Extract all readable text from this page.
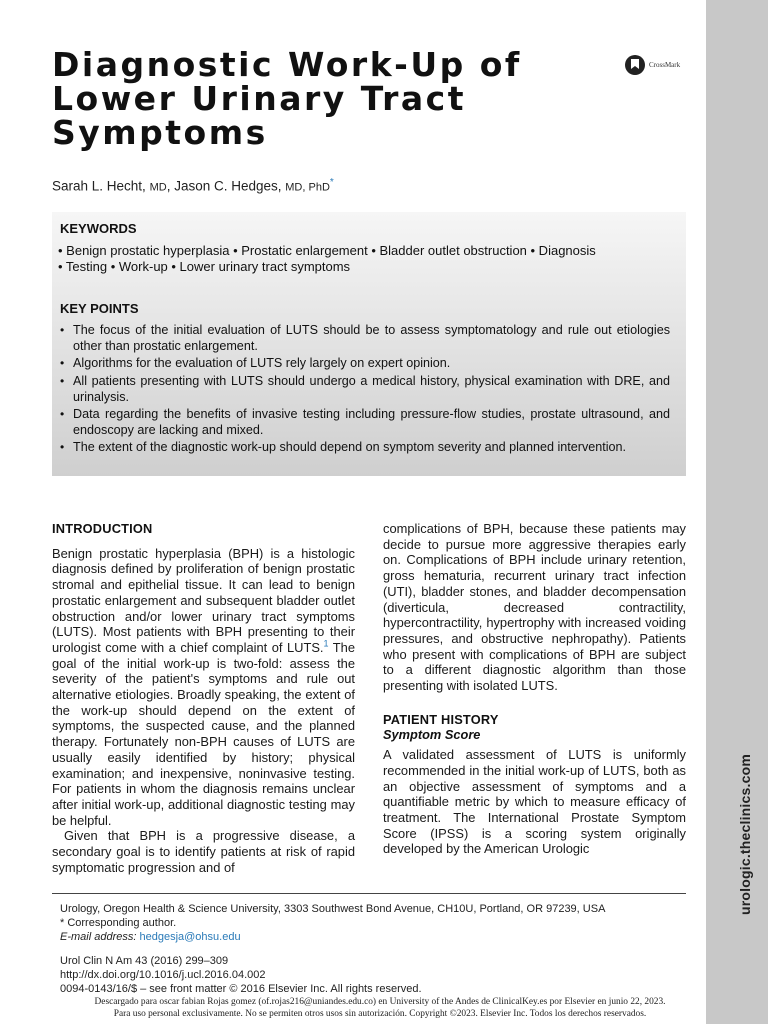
urologic.theclinics.com
Diagnostic Work-Up of Lower Urinary Tract Symptoms
CrossMark
Sarah L. Hecht, MD, Jason C. Hedges, MD, PhD*
KEYWORDS
• Benign prostatic hyperplasia • Prostatic enlargement • Bladder outlet obstruction • Diagnosis
• Testing • Work-up • Lower urinary tract symptoms
KEY POINTS
• The focus of the initial evaluation of LUTS should be to assess symptomatology and rule out etiologies other than prostatic enlargement.
• Algorithms for the evaluation of LUTS rely largely on expert opinion.
• All patients presenting with LUTS should undergo a medical history, physical examination with DRE, and urinalysis.
• Data regarding the benefits of invasive testing including pressure-flow studies, prostate ultrasound, and endoscopy are lacking and mixed.
• The extent of the diagnostic work-up should depend on symptom severity and planned intervention.
INTRODUCTION

Benign prostatic hyperplasia (BPH) is a histologic diagnosis defined by proliferation of benign prostatic stromal and epithelial tissue. It can lead to benign prostatic enlargement and subsequent bladder outlet obstruction and/or lower urinary tract symptoms (LUTS). Most patients with BPH presenting to their urologist come with a chief complaint of LUTS.$^1$ The goal of the initial work-up is two-fold: assess the severity of the patient's symptoms and rule out alternative etiologies. Broadly speaking, the extent of the work-up should depend on the extent of symptoms, the suspected cause, and the planned therapy. Fortunately non-BPH causes of LUTS are usually easily identified by history; physical examination; and inexpensive, noninvasive testing. For patients in whom the diagnosis remains unclear after initial work-up, additional diagnostic testing may be helpful.

Given that BPH is a progressive disease, a secondary goal is to identify patients at risk of rapid symptomatic progression and of

complications of BPH, because these patients may decide to pursue more aggressive therapies early on. Complications of BPH include urinary retention, gross hematuria, recurrent urinary tract infection (UTI), bladder stones, and bladder decompensation (diverticula, decreased contractility, hypercontractility, hypertrophy with increased voiding pressures, and obstructive nephropathy). Patients who present with complications of BPH are subject to a different diagnostic algorithm than those presenting with isolated LUTS.

PATIENT HISTORY
Symptom Score

A validated assessment of LUTS is uniformly recommended in the initial work-up of LUTS, both as an objective assessment of symptoms and a quantifiable metric by which to measure efficacy of treatment. The International Prostate Symptom Score (IPSS) is a scoring system originally developed by the American Urologic

Urology, Oregon Health & Science University, 3303 Southwest Bond Avenue, CH10U, Portland, OR 97239, USA
* Corresponding author.
E-mail address: hedgesja@ohsu.edu
Urol Clin N Am 43 (2016) 299–309
http://dx.doi.org/10.1016/j.ucl.2016.04.002
0094-0143/16/$ – see front matter © 2016 Elsevier Inc. All rights reserved.
Descargado para oscar fabian Rojas gomez (of.rojas216@uniandes.edu.co) en University of the Andes de ClinicalKey.es por Elsevier en junio 22, 2023.
Para uso personal exclusivamente. No se permiten otros usos sin autorización. Copyright ©2023. Elsevier Inc. Todos los derechos reservados.
